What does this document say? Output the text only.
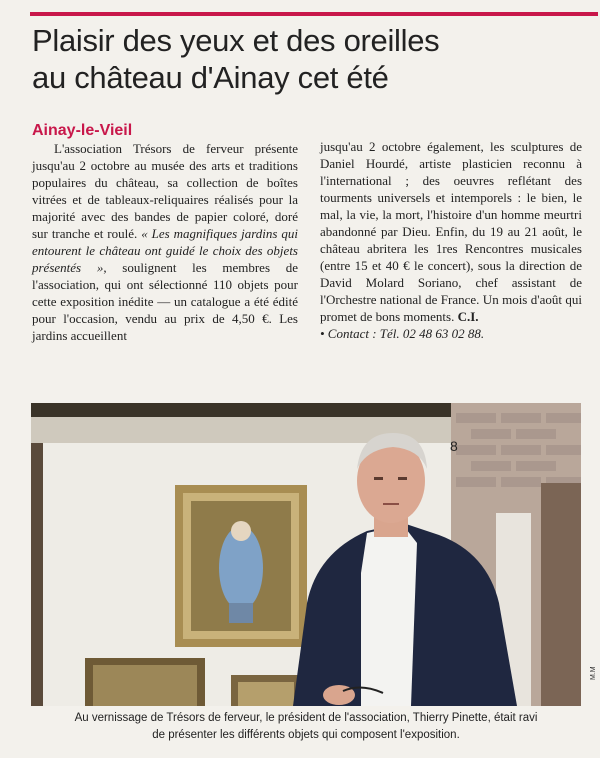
Plaisir des yeux et des oreilles
au château d'Ainay cet été
Ainay-le-Vieil

L'association Trésors de ferveur présente jusqu'au 2 octobre au musée des arts et traditions populaires du château, sa collection de boîtes vitrées et de tableaux-reliquaires réalisés pour la majorité avec des bandes de papier coloré, doré sur tranche et roulé. « Les magnifiques jardins qui entourent le château ont guidé le choix des objets présentés », soulignent les membres de l'association, qui ont sélectionné 110 objets pour cette exposition inédite — un catalogue a été édité pour l'occasion, vendu au prix de 4,50 €. Les jardins accueillent

jusqu'au 2 octobre également, les sculptures de Daniel Hourdé, artiste plasticien reconnu à l'international ; des oeuvres reflétant des tourments universels et intemporels : le bien, le mal, la vie, la mort, l'histoire d'un homme meurtri abandonné par Dieu. Enfin, du 19 au 21 août, le château abritera les 1res Rencontres musicales (entre 15 et 40 € le concert), sous la direction de David Molard Soriano, chef assistant de l'Orchestre national de France. Un mois d'août qui promet de bons moments. C.I.

• Contact : Tél. 02 48 63 02 88.

8
M.M
Au vernissage de Trésors de ferveur, le président de l'association, Thierry Pinette, était ravi
de présenter les différents objets qui composent l'exposition.
